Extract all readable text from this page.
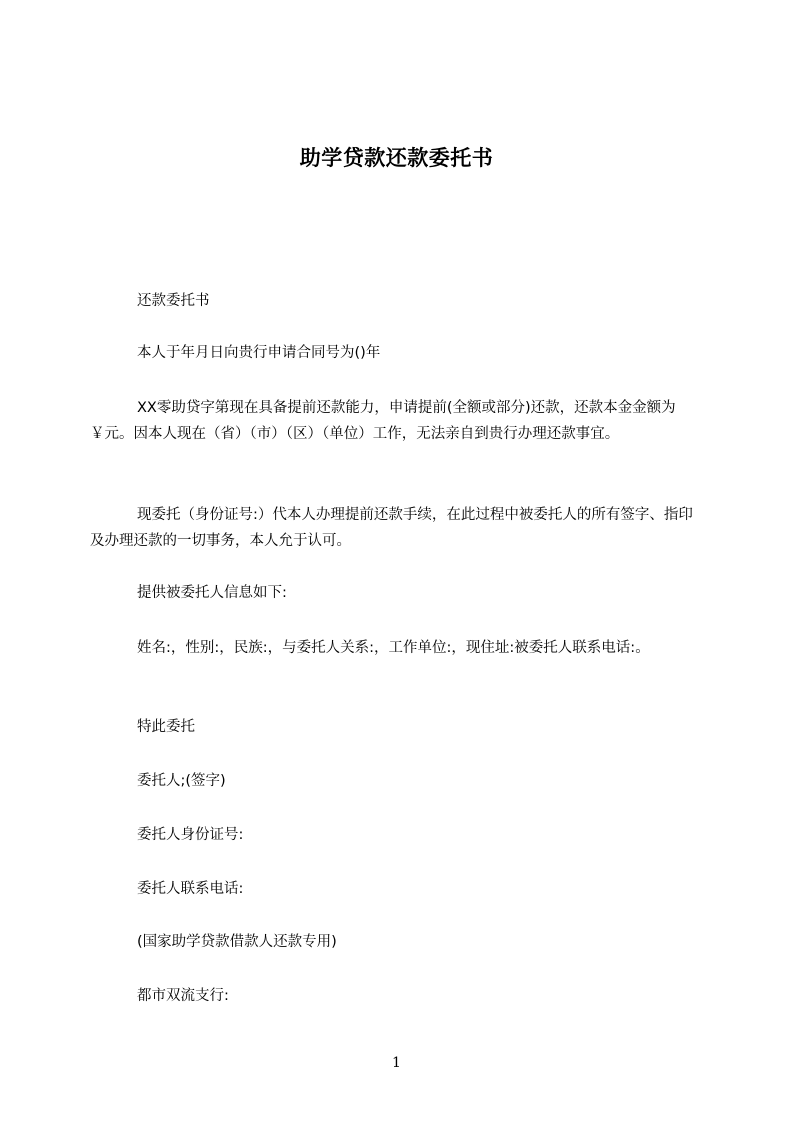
助学贷款还款委托书
还款委托书
本人于年月日向贵行申请合同号为()年
XX零助贷字第现在具备提前还款能力，申请提前(全额或部分)还款，还款本金金额为￥元。因本人现在（省）（市）（区）（单位）工作，无法亲自到贵行办理还款事宜。
现委托（身份证号:）代本人办理提前还款手续，在此过程中被委托人的所有签字、指印及办理还款的一切事务，本人允于认可。
提供被委托人信息如下:
姓名:，性别:，民族:，与委托人关系:，工作单位:，现住址:被委托人联系电话:。
特此委托
委托人;(签字)
委托人身份证号:
委托人联系电话:
(国家助学贷款借款人还款专用)
都市双流支行:
1
